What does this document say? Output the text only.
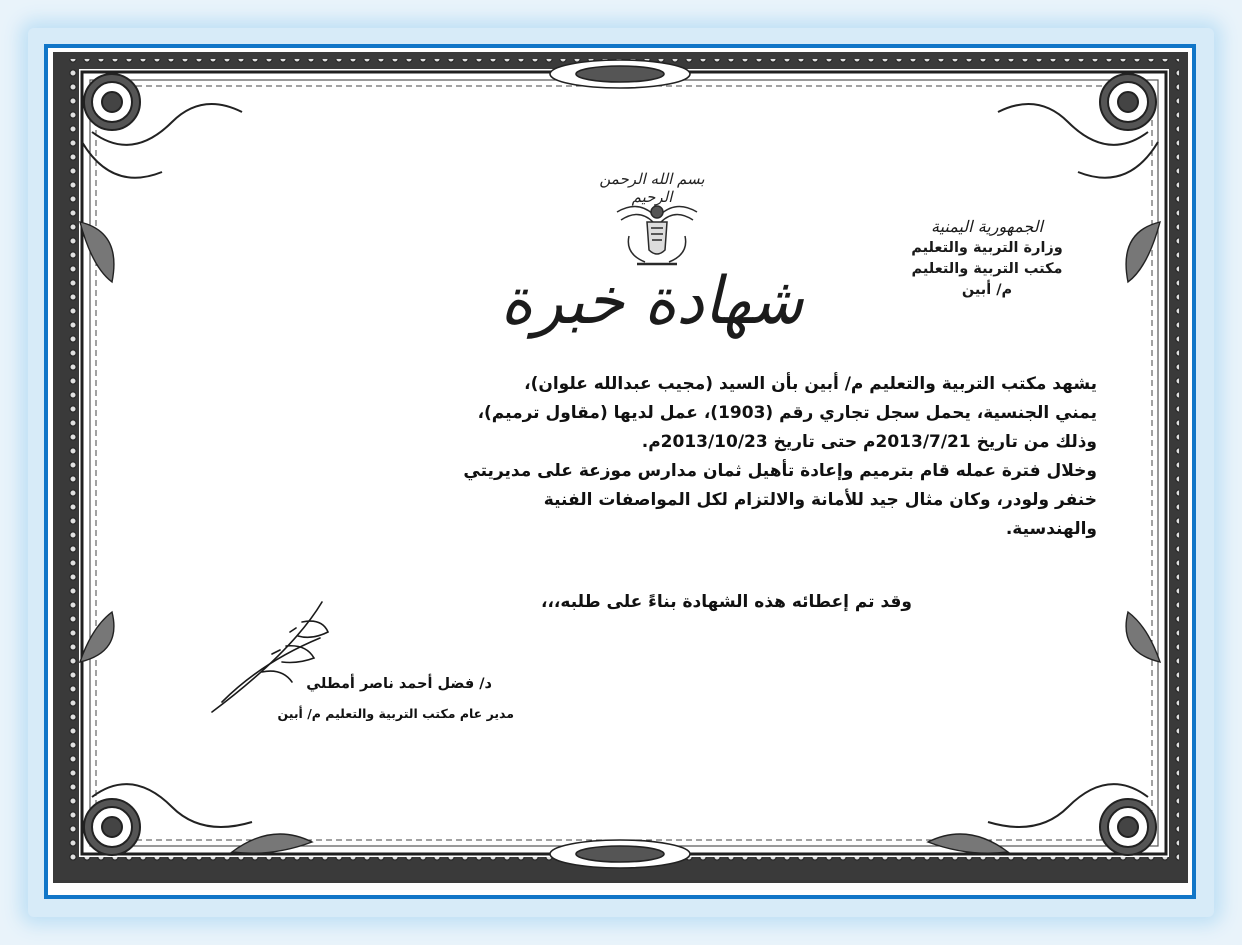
بسم الله الرحمن الرحيم
شهادة خبرة
الجمهورية اليمنية
وزارة التربية والتعليم
مكتب التربية والتعليم
م/ أبين

يشهد مكتب التربية والتعليم م/ أبين بأن السيد (مجيب عبدالله علوان)،

يمني الجنسية، يحمل سجل تجاري رقم (1903)، عمل لديها (مقاول ترميم)،

وذلك من تاريخ 2013/7/21م حتى تاريخ 2013/10/23م.

وخلال فترة عمله قام بترميم وإعادة تأهيل ثمان مدارس موزعة على مديريتي

خنفر ولودر، وكان مثال جيد للأمانة والالتزام لكل المواصفات الفنية

والهندسية.

وقد تم إعطائه هذه الشهادة بناءً على طلبه،،،
د/ فضل أحمد ناصر أمطلي
مدير عام مكتب التربية والتعليم م/ أبين
